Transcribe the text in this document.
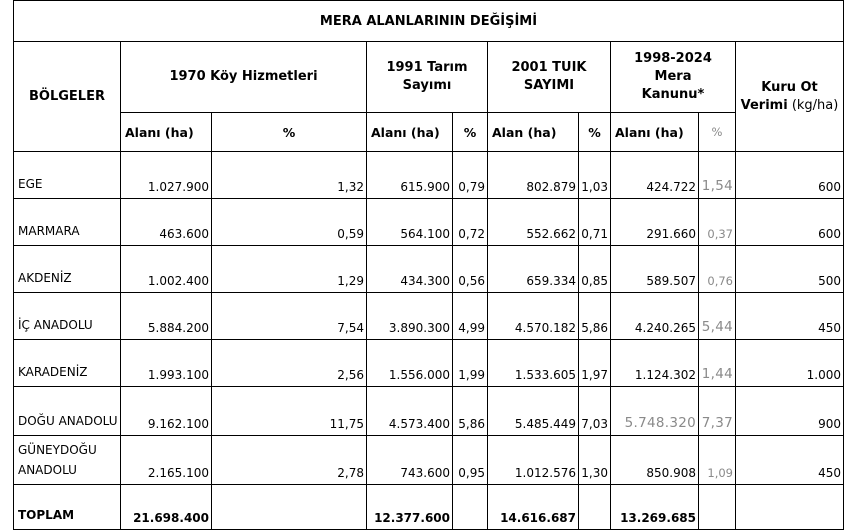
MERA ALANLARININ DEĞİŞİMİ									
BÖLGELER	1970 Köy Hizmetleri		1991 Tarım Sayımı		2001 TUIK SAYIMI		1998-2024 Mera Kanunu*		Kuru Ot Verimi (kg/ha)
	Alanı (ha)	%	Alanı (ha)	%	Alan (ha)	%	Alanı (ha)	%	
EGE	1.027.900	1,32	615.900	0,79	802.879	1,03	424.722	1,54	600
MARMARA	463.600	0,59	564.100	0,72	552.662	0,71	291.660	0,37	600
AKDENİZ	1.002.400	1,29	434.300	0,56	659.334	0,85	589.507	0,76	500
İÇ ANADOLU	5.884.200	7,54	3.890.300	4,99	4.570.182	5,86	4.240.265	5,44	450
KARADENİZ	1.993.100	2,56	1.556.000	1,99	1.533.605	1,97	1.124.302	1,44	1.000
DOĞU ANADOLU	9.162.100	11,75	4.573.400	5,86	5.485.449	7,03	5.748.320	7,37	900
GÜNEYDOĞU ANADOLU	2.165.100	2,78	743.600	0,95	1.012.576	1,30	850.908	1,09	450
TOPLAM	21.698.400		12.377.600		14.616.687		13.269.685		
